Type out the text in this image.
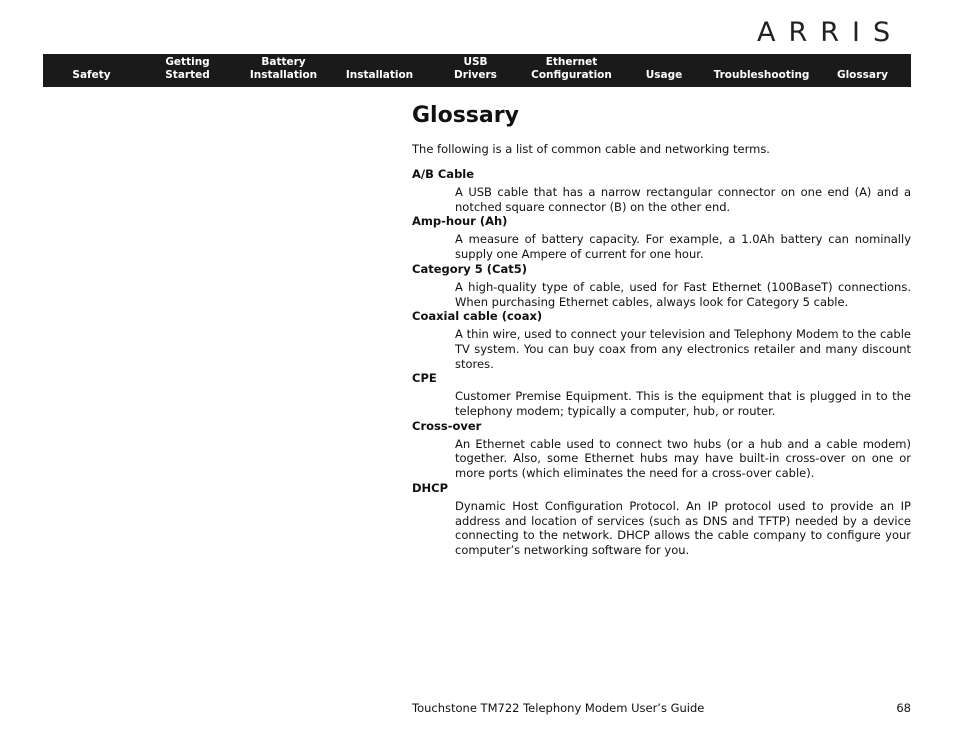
ARRIS
Safety
Getting
Started
Battery
Installation	Installation
USB
Drivers
Ethernet
Configuration	Usage	Troubleshooting	Glossary
Glossary

The following is a list of common cable and networking terms.

A/B Cable
A USB cable that has a narrow rectangular connector on one end (A) and a notched square connector (B) on the other end.
Amp-hour (Ah)
A measure of battery capacity. For example, a 1.0Ah battery can nominally supply one Ampere of current for one hour.
Category 5 (Cat5)
A high-quality type of cable, used for Fast Ethernet (100BaseT) connections. When purchasing Ethernet cables, always look for Category 5 cable.
Coaxial cable (coax)
A thin wire, used to connect your television and Telephony Modem to the cable TV system. You can buy coax from any electronics retailer and many discount stores.
CPE
Customer Premise Equipment. This is the equipment that is plugged in to the telephony modem; typically a computer, hub, or router.
Cross-over
An Ethernet cable used to connect two hubs (or a hub and a cable modem) together. Also, some Ethernet hubs may have built-in cross-over on one or more ports (which eliminates the need for a cross-over cable).
DHCP
Dynamic Host Configuration Protocol. An IP protocol used to provide an IP address and location of services (such as DNS and TFTP) needed by a device connecting to the network. DHCP allows the cable company to configure your computer’s networking software for you.
Touchstone TM722 Telephony Modem User’s Guide	68
